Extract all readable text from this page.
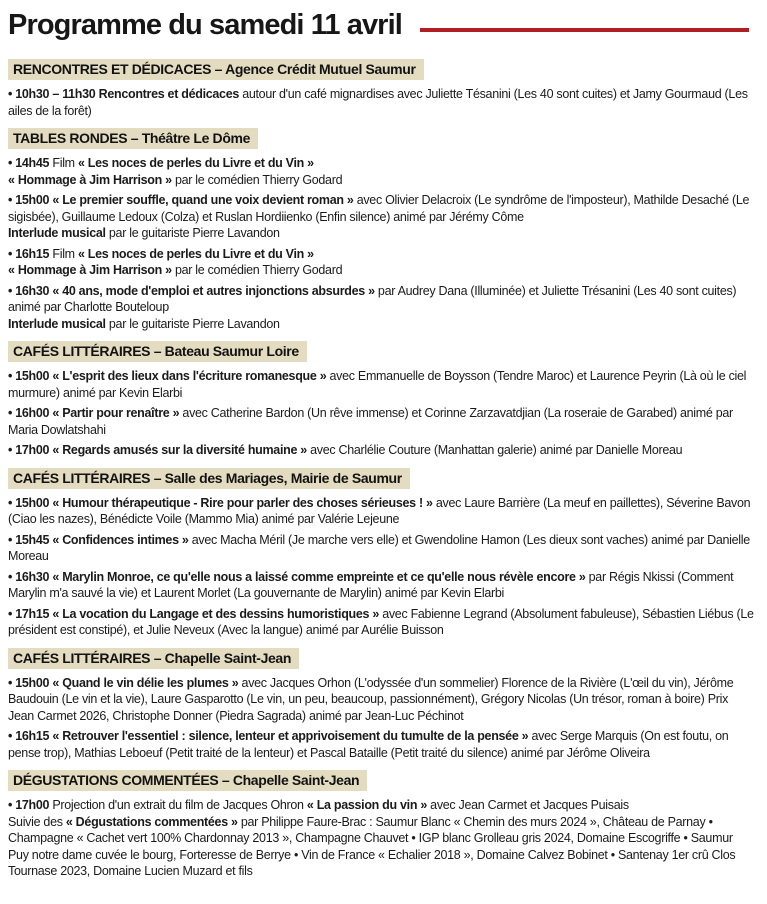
Programme du samedi 11 avril
RENCONTRES ET DÉDICACES – Agence Crédit Mutuel Saumur

• 10h30 – 11h30 Rencontres et dédicaces autour d'un café mignardises avec Juliette Tésanini (Les 40 sont cuites) et Jamy Gourmaud (Les ailes de la forêt)

TABLES RONDES – Théâtre Le Dôme

• 14h45 Film « Les noces de perles du Livre et du Vin »
« Hommage à Jim Harrison » par le comédien Thierry Godard

• 15h00 « Le premier souffle, quand une voix devient roman » avec Olivier Delacroix (Le syndrôme de l'imposteur), Mathilde Desaché (Le sigisbée), Guillaume Ledoux (Colza) et Ruslan Hordiienko (Enfin silence) animé par Jérémy Côme
Interlude musical par le guitariste Pierre Lavandon

• 16h15 Film « Les noces de perles du Livre et du Vin »
« Hommage à Jim Harrison » par le comédien Thierry Godard

• 16h30 « 40 ans, mode d'emploi et autres injonctions absurdes » par Audrey Dana (Illuminée) et Juliette Trésanini (Les 40 sont cuites) animé par Charlotte Bouteloup
Interlude musical par le guitariste Pierre Lavandon

CAFÉS LITTÉRAIRES – Bateau Saumur Loire

• 15h00 « L'esprit des lieux dans l'écriture romanesque » avec Emmanuelle de Boysson (Tendre Maroc) et Laurence Peyrin (Là où le ciel murmure) animé par Kevin Elarbi

• 16h00 « Partir pour renaître » avec Catherine Bardon (Un rêve immense) et Corinne Zarzavatdjian (La roseraie de Garabed) animé par Maria Dowlatshahi

• 17h00 « Regards amusés sur la diversité humaine » avec Charlélie Couture (Manhattan galerie) animé par Danielle Moreau

CAFÉS LITTÉRAIRES – Salle des Mariages, Mairie de Saumur

• 15h00 « Humour thérapeutique - Rire pour parler des choses sérieuses ! » avec Laure Barrière (La meuf en paillettes), Séverine Bavon (Ciao les nazes), Bénédicte Voile (Mammo Mia) animé par Valérie Lejeune

• 15h45 « Confidences intimes » avec Macha Méril (Je marche vers elle) et Gwendoline Hamon (Les dieux sont vaches) animé par Danielle Moreau

• 16h30 « Marylin Monroe, ce qu'elle nous a laissé comme empreinte et ce qu'elle nous révèle encore » par Régis Nkissi (Comment Marylin m'a sauvé la vie) et Laurent Morlet (La gouvernante de Marylin) animé par Kevin Elarbi

• 17h15 « La vocation du Langage et des dessins humoristiques » avec Fabienne Legrand (Absolument fabuleuse), Sébastien Liébus (Le président est constipé), et Julie Neveux (Avec la langue) animé par Aurélie Buisson

CAFÉS LITTÉRAIRES – Chapelle Saint-Jean

• 15h00 « Quand le vin délie les plumes » avec Jacques Orhon (L'odyssée d'un sommelier) Florence de la Rivière (L'œil du vin), Jérôme Baudouin (Le vin et la vie), Laure Gasparotto (Le vin, un peu, beaucoup, passionnément), Grégory Nicolas (Un trésor, roman à boire) Prix Jean Carmet 2026, Christophe Donner (Piedra Sagrada) animé par Jean-Luc Péchinot

• 16h15 « Retrouver l'essentiel : silence, lenteur et apprivoisement du tumulte de la pensée » avec Serge Marquis (On est foutu, on pense trop), Mathias Leboeuf (Petit traité de la lenteur) et Pascal Bataille (Petit traité du silence) animé par Jérôme Oliveira

DÉGUSTATIONS COMMENTÉES – Chapelle Saint-Jean

• 17h00 Projection d'un extrait du film de Jacques Ohron « La passion du vin » avec Jean Carmet et Jacques Puisais
Suivie des « Dégustations commentées » par Philippe Faure-Brac : Saumur Blanc « Chemin des murs 2024 », Château de Parnay • Champagne « Cachet vert 100% Chardonnay 2013 », Champagne Chauvet • IGP blanc Grolleau gris 2024, Domaine Escogriffe • Saumur Puy notre dame cuvée le bourg, Forteresse de Berrye • Vin de France « Echalier 2018 », Domaine Calvez Bobinet • Santenay 1er crû Clos Tournase 2023, Domaine Lucien Muzard et fils
